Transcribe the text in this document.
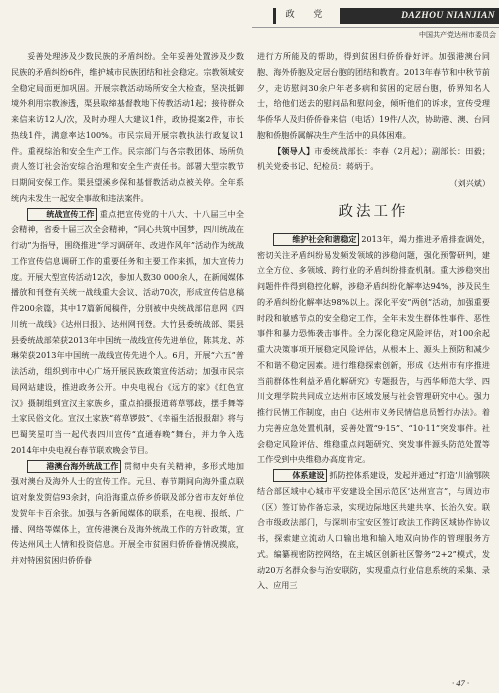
政 党	DAZHOU NIANJIAN
中国共产党达州市委员会

妥善处理涉及少数民族的矛盾纠纷。全年妥善处置涉及少数民族的矛盾纠纷6件，维护城市民族团结和社会稳定。宗教领域安全稳定局面更加巩固。开展宗教活动场所安全大检查，坚决抵御境外利用宗教渗透，渠县取缔基督教地下传教活动1起；接待群众来信来访12人/次，及时办理人大建议1件，政协提案2件，市长热线1件，满意率达100%。市民宗局开展宗教执法行政复议1件。重视综治和安全生产工作。民宗部门与各宗教团体、场所负责人签订社会治安综合治理和安全生产责任书。部署大型宗教节日期间安保工作。渠县望溪乡保和基督教活动点被关停。全年系统内未发生一起安全事故和违法案件。

统战宣传工作 重点把宣传党的十八大、十八届三中全会精神，省委十届三次全会精神，“同心共筑中国梦，四川统战在行动”为指导，围绕推进“学习调研年、改进作风年”活动作为统战工作宣传信息调研工作的重要任务和主要工作来抓，加大宣传力度。开展大型宣传活动12次，参加人数30 000余人，在新闻媒体播放和刊登有关统一战线重大会议、活动70次，形成宣传信息稿件200余篇，其中17篇新闻稿件，分别被中央统战部信息网《四川统一战线》《达州日报》、达州网刊登。大竹县委统战部、渠县县委统战部荣获2013年中国统一战线宣传先进单位，陈其龙、苏琳荣获2013年中国统一战线宣传先进个人。6月，开展“六五”普法活动，组织到市中心广场开展民族政策宣传活动；加强市民宗局网站建设，推进政务公开。中央电视台《远方的家》《红色宣汉》摄制组到宣汉主家族乡，重点拍摄报道蒋草鄂歧，摆手舞等土家民俗文化。宣汉土家族“蒋草锣鼓”、《幸福生活报报甜》将与巴蜀笑星叮当一起代表四川宣传“直通春晚”舞台，并力争入选2014年中央电视台春节联欢晚会节目。

港澳台海外统战工作 贯彻中央有关精神，多形式地加强对澳台及海外人士的宣传工作。元旦、春节期间向海外重点联谊对象发贺信93余封，向沿海重点侨乡侨联及部分省市友好单位发贺年卡百余张。加强与各新闻媒体的联系，在电视、报纸、广播、网络等媒体上，宣传港澳台及海外统战工作的方针政策，宣传达州风土人情和投资信息。开展全市贫困归侨侨眷情况摸底，并对特困贫困归侨侨眷

进行方所能及的帮助，得到贫困归侨侨眷好评。加强港澳台同胞、海外侨胞及定居台胞的团结和教育。2013年春节和中秋节前夕，走访慰问30余户年老多病和贫困的定居台胞，侨界知名人士，给他们送去的慰问品和慰问金，倾听他们的诉求，宣传受理华侨华人及归侨侨眷来信（电话）19件/人次，协助港、澳、台同胞和侨胞侨属解决生产生活中的具体困难。

【领导人】市委统战部长：李春（2月起）；副部长：田毅；机关党委书记、纪检员：蒋炳于。

（刘兴斌）
政法工作

维护社会和谐稳定 2013年，竭力推进矛盾排查调处，密切关注矛盾纠纷易发频发领域的涉稳问题，强化预警研判，建立全方位、多领域、跨行业的矛盾纠纷排查机制。重大涉稳突出问题件件得到稳控化解，涉稳矛盾纠纷化解率达94%，涉及民生的矛盾纠纷化解率达98%以上。深化平安“两创”活动，加强重要时段和敏感节点的安全稳定工作，全年未发生群体性事件、恶性事件和暴力恐怖袭击事件。全力深化稳定风险评估，对100余起重大决策事项开展稳定风险评估，从根本上、源头上预防和减少不和谐不稳定因素。进行维稳探索创新，形成《达州市有序推进当前群体性利益矛盾化解研究》专题报告，与西华师范大学、四川文理学院共同成立达州市区域发展与社会管理研究中心。强力推行民情工作制度，由白《达州市义务民情信息员暂行办法》。着力完善应急处置机制，妥善处置“9·15”、“10·11”突发事件。社会稳定风险评估、维稳重点问题研究、突发事件源头防范处置等工作受到中央维稳办高度肯定。

体系建设 抓防控体系建设，发起并通过“打造‘川渝鄂陕结合部区域中心城市平安建设全国示范区’达州宣言”，与周边市（区）签订协作备忘录，实现边际地区共建共享、长治久安。联合市级政法部门，与深圳市宝安区签订政法工作跨区域协作协议书，探索建立流动人口输出地和输入地双向协作的管理服务方式。编纂视密防控网络，在主城区创新社区警务“2+2”模式，发动20万名群众参与治安联防，实现重点行业信息系统的采集、录入、应用三

· 47 ·
